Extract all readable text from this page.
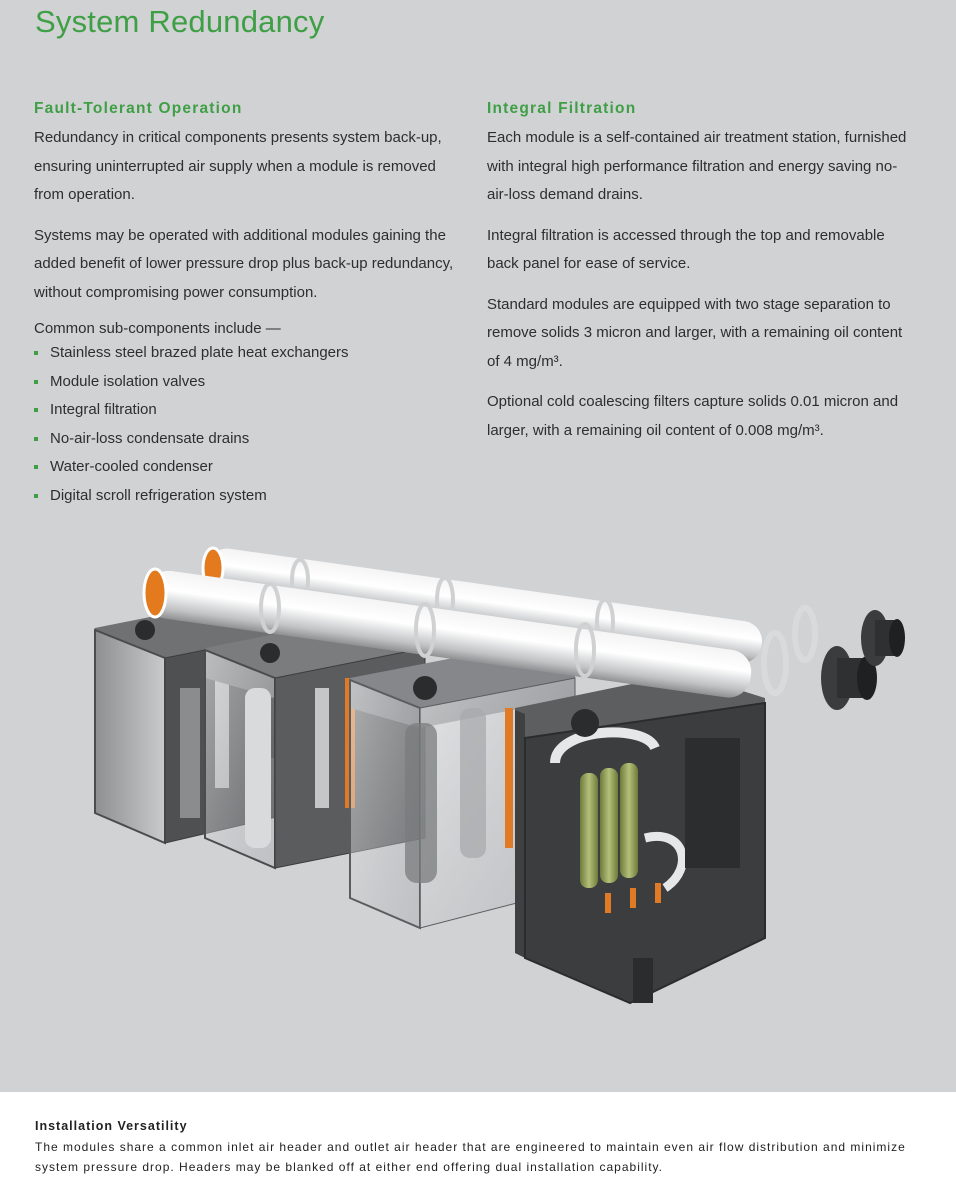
System Redundancy
Fault-Tolerant Operation

Redundancy in critical components presents system back-up, ensuring uninterrupted air supply when a module is removed from operation.

Systems may be operated with additional modules gaining the added benefit of lower pressure drop plus back-up redundancy, without compromising power consumption.

Common sub-components include —

Stainless steel brazed plate heat exchangers
Module isolation valves
Integral filtration
No-air-loss condensate drains
Water-cooled condenser
Digital scroll refrigeration system
Integral Filtration

Each module is a self-contained air treatment station, furnished with integral high performance filtration and energy saving no-air-loss demand drains.

Integral filtration is accessed through the top and removable back panel for ease of service.

Standard modules are equipped with two stage separation to remove solids 3 micron and larger, with a remaining oil content of 4 mg/m³.

Optional cold coalescing filters capture solids 0.01 micron and larger, with a remaining oil content of 0.008 mg/m³.

Installation Versatility

The modules share a common inlet air header and outlet air header that are engineered to maintain even air flow distribution and minimize system pressure drop. Headers may be blanked off at either end offering dual installation capability.
